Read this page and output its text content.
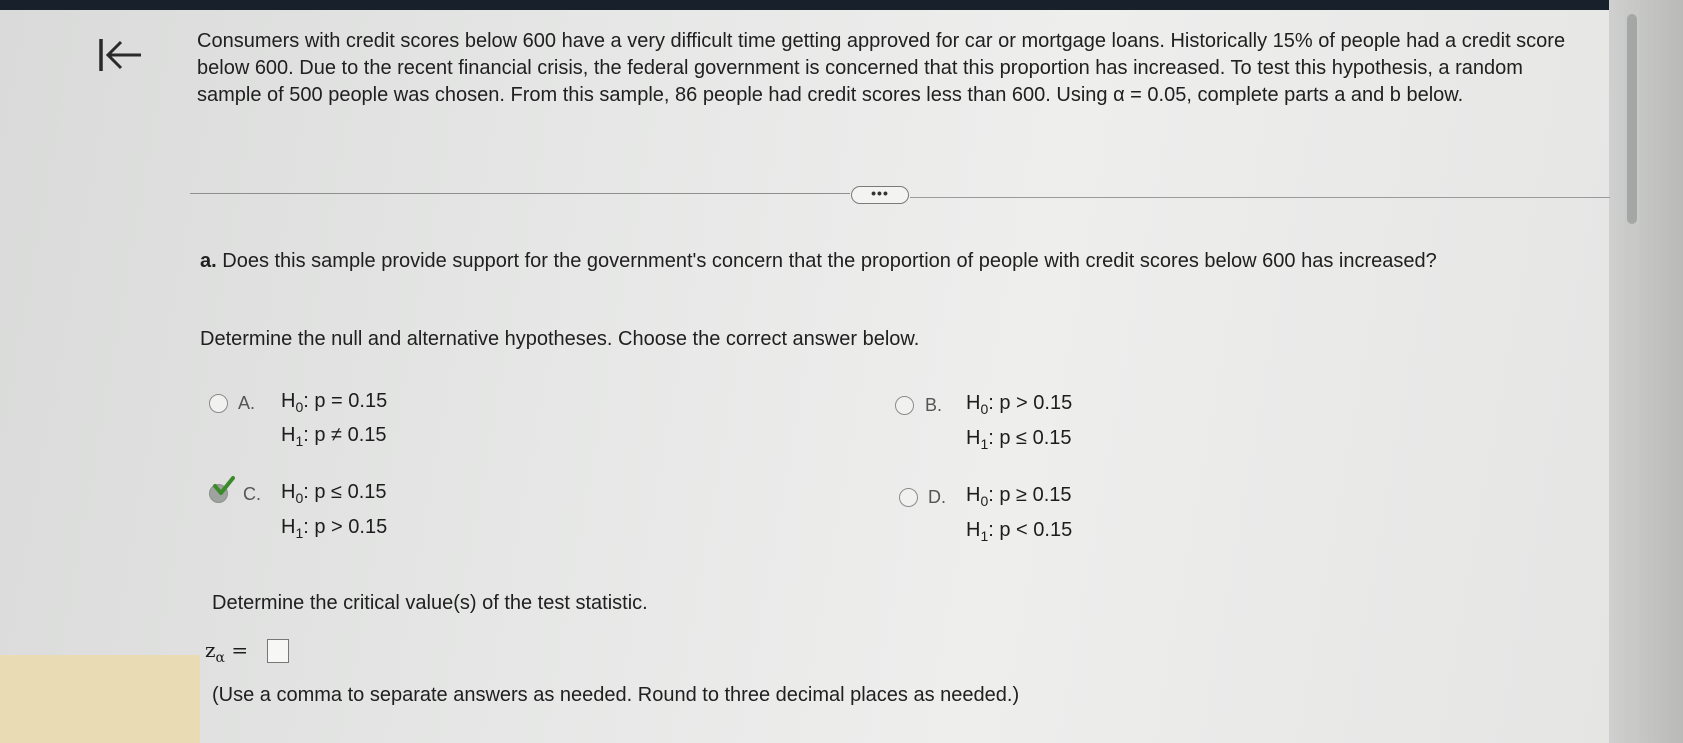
Consumers with credit scores below 600 have a very difficult time getting approved for car or mortgage loans. Historically 15% of people had a credit score below 600. Due to the recent financial crisis, the federal government is concerned that this proportion has increased. To test this hypothesis, a random sample of 500 people was chosen. From this sample, 86 people had credit scores less than 600. Using α = 0.05, complete parts a and b below.
•••
a. Does this sample provide support for the government's concern that the proportion of people with credit scores below 600 has increased?
Determine the null and alternative hypotheses. Choose the correct answer below.
A. $H_0$: p = 0.15
$H_1$: p ≠ 0.15
B. $H_0$: p > 0.15
$H_1$: p ≤ 0.15
C. $H_0$: p ≤ 0.15
$H_1$: p > 0.15
D. $H_0$: p ≥ 0.15
$H_1$: p < 0.15
Determine the critical value(s) of the test statistic.
$z_\alpha$ =
(Use a comma to separate answers as needed. Round to three decimal places as needed.)
